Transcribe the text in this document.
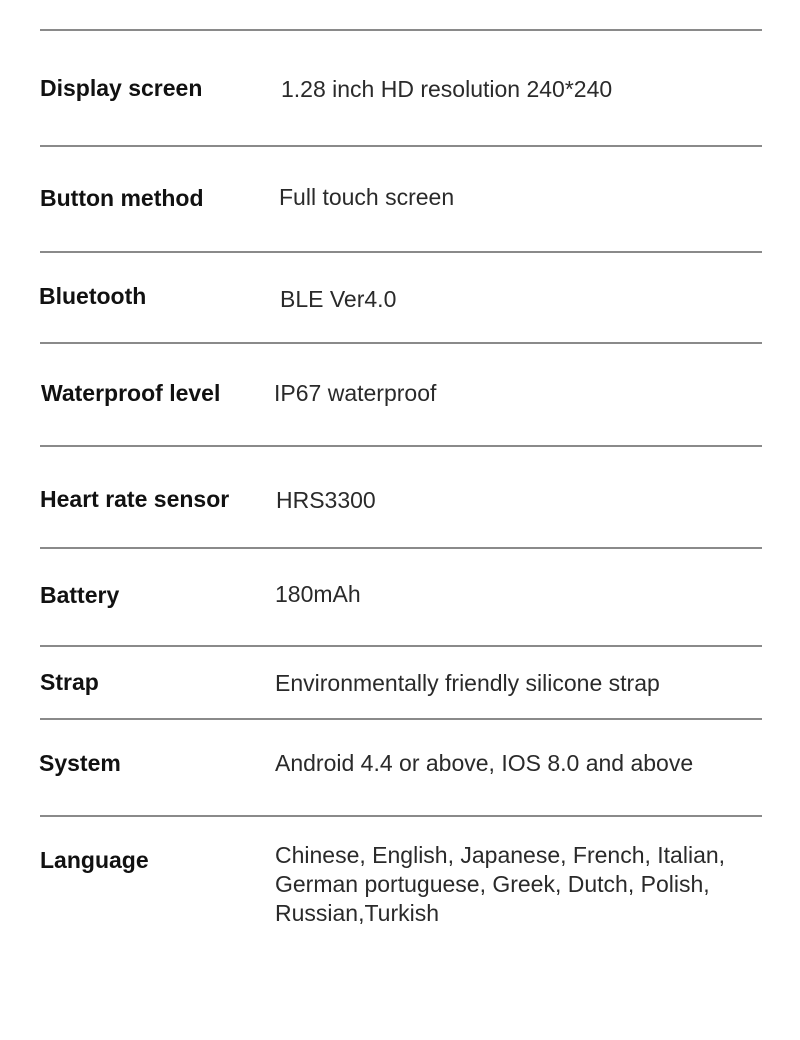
Display screen	1.28 inch HD resolution 240*240
Button method	Full touch screen
Bluetooth	BLE Ver4.0
Waterproof level IP67 waterproof
Heart rate sensor HRS3300
Battery	180mAh
Strap	Environmentally friendly silicone strap
System	Android 4.4 or above, IOS 8.0 and above
Language	Chinese, English, Japanese, French, Italian,
German portuguese, Greek, Dutch, Polish,
Russian,Turkish
